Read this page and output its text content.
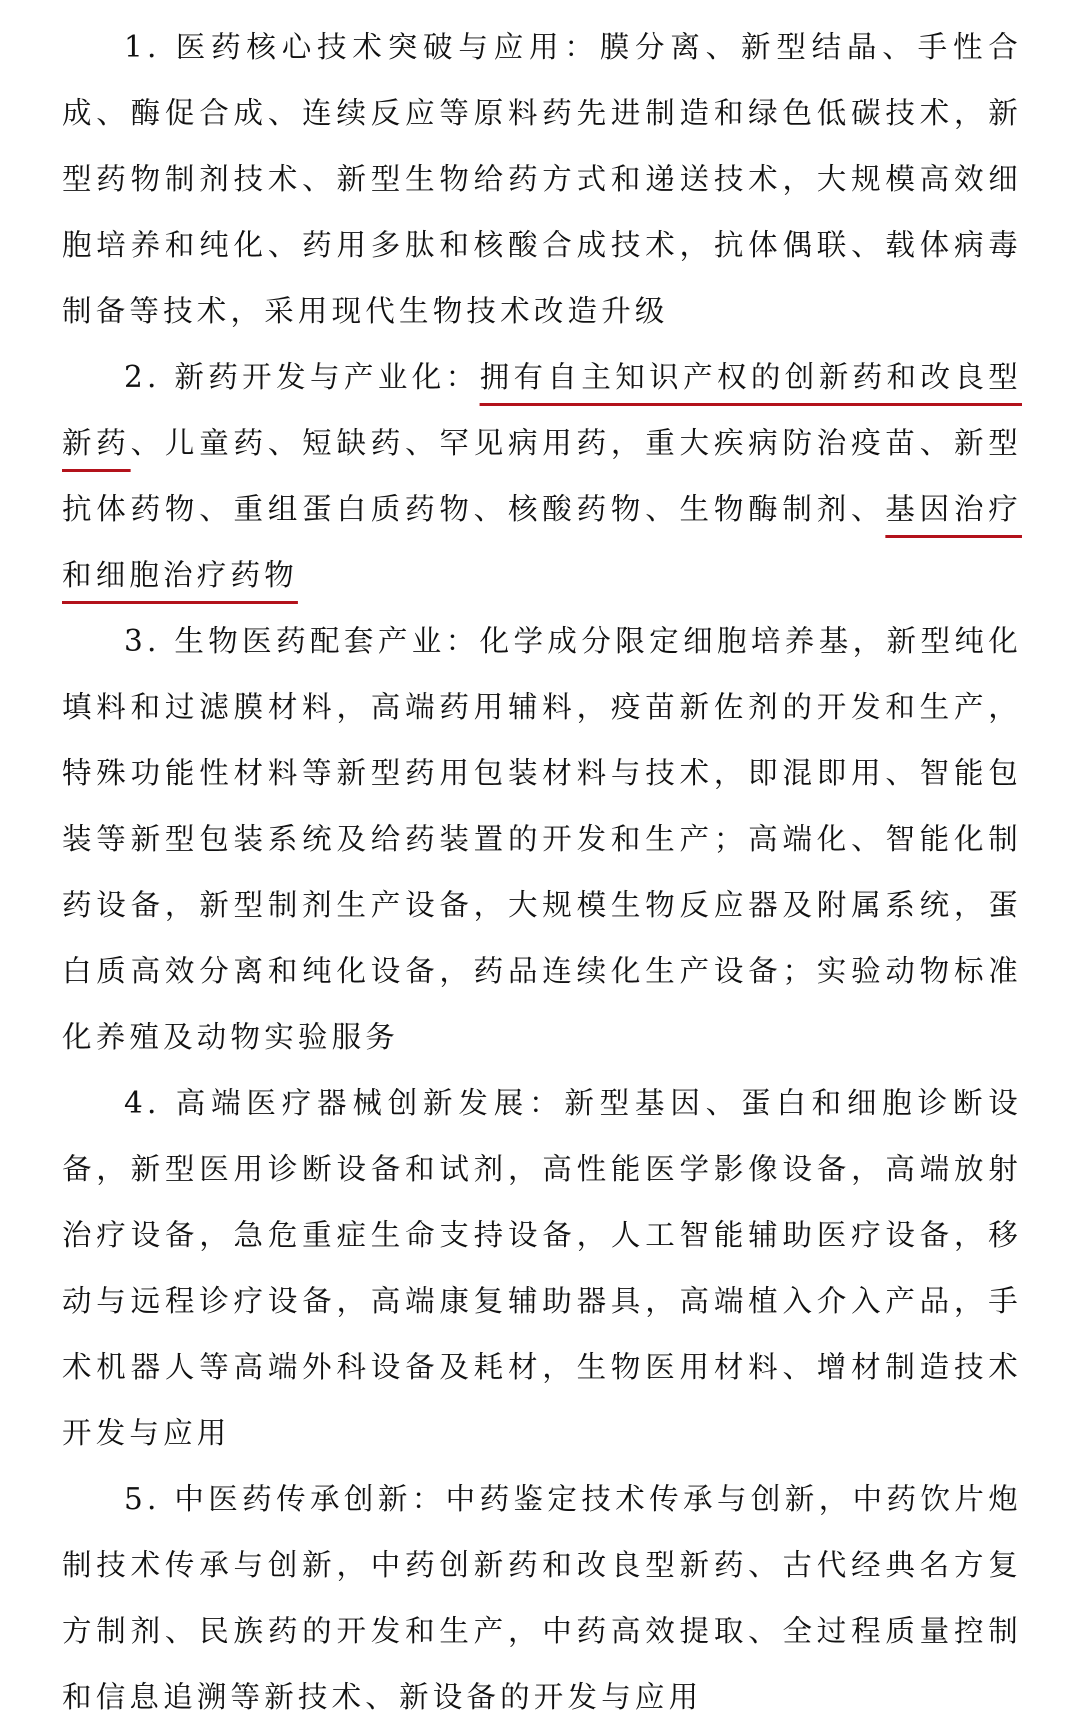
1. 医药核心技术突破与应用：膜分离、新型结晶、手性合成、酶促合成、连续反应等原料药先进制造和绿色低碳技术，新型药物制剂技术、新型生物给药方式和递送技术，大规模高效细胞培养和纯化、药用多肽和核酸合成技术，抗体偶联、载体病毒制备等技术，采用现代生物技术改造升级

2. 新药开发与产业化：拥有自主知识产权的创新药和改良型新药、儿童药、短缺药、罕见病用药，重大疾病防治疫苗、新型抗体药物、重组蛋白质药物、核酸药物、生物酶制剂、基因治疗和细胞治疗药物

3. 生物医药配套产业：化学成分限定细胞培养基，新型纯化填料和过滤膜材料，高端药用辅料，疫苗新佐剂的开发和生产，特殊功能性材料等新型药用包装材料与技术，即混即用、智能包装等新型包装系统及给药装置的开发和生产；高端化、智能化制药设备，新型制剂生产设备，大规模生物反应器及附属系统，蛋白质高效分离和纯化设备，药品连续化生产设备；实验动物标准化养殖及动物实验服务

4. 高端医疗器械创新发展：新型基因、蛋白和细胞诊断设备，新型医用诊断设备和试剂，高性能医学影像设备，高端放射治疗设备，急危重症生命支持设备，人工智能辅助医疗设备，移动与远程诊疗设备，高端康复辅助器具，高端植入介入产品，手术机器人等高端外科设备及耗材，生物医用材料、增材制造技术开发与应用

5. 中医药传承创新：中药鉴定技术传承与创新，中药饮片炮制技术传承与创新，中药创新药和改良型新药、古代经典名方复方制剂、民族药的开发和生产，中药高效提取、全过程质量控制和信息追溯等新技术、新设备的开发与应用
